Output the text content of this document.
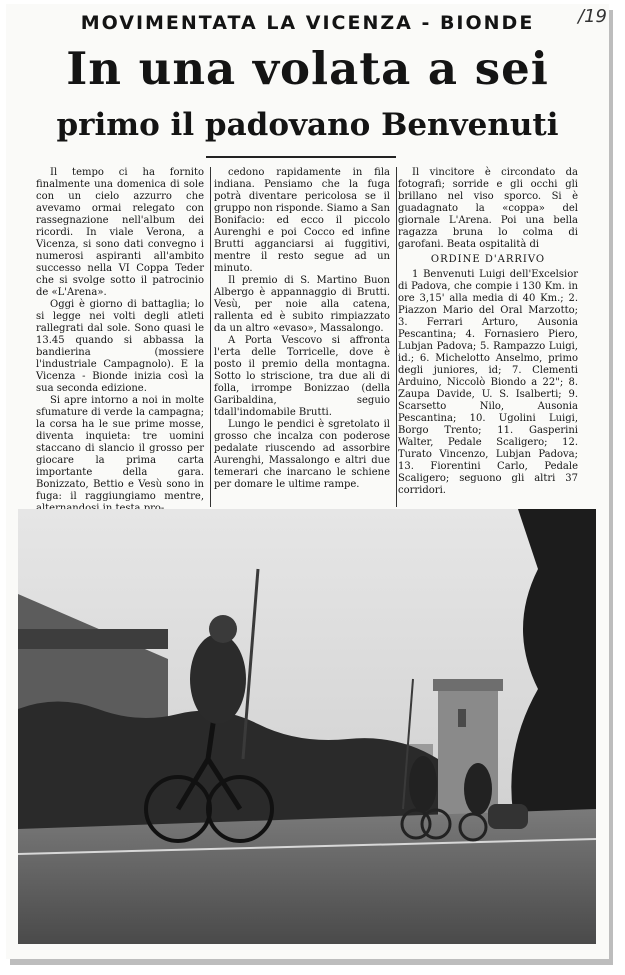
MOVIMENTATA LA VICENZA - BIONDE	/19
In una volata a sei
primo il padovano Benvenuti

Il tempo ci ha fornito finalmente una domenica di sole con un cielo azzurro che avevamo ormai relegato con rassegnazione nell'album dei ricordi. In viale Verona, a Vicenza, si sono dati convegno i numerosi aspiranti all'ambito successo nella VI Coppa Teder che si svolge sotto il patrocinio de «L'Arena».

Oggi è giorno di battaglia; lo si legge nei volti degli atleti rallegrati dal sole. Sono quasi le 13.45 quando si abbassa la bandierina (mossiere l'industriale Campagnolo). E la Vicenza - Bionde inizia così la sua seconda edizione.

Si apre intorno a noi in molte sfumature di verde la campagna; la corsa ha le sue prime mosse, diventa inquieta: tre uomini staccano di slancio il grosso per giocare la prima carta importante della gara. Bonizzato, Bettio e Vesù sono in fuga: il raggiungiamo mentre,

cedono rapidamente in fila indiana. Pensiamo che la fuga potrà diventare pericolosa se il gruppo non risponde. Siamo a San Bonifacio: ed ecco il piccolo Aurenghi e poi Cocco ed infine Brutti agganciarsi ai fuggitivi, mentre il resto segue ad un minuto.

Il premio di S. Martino Buon Albergo è appannaggio di Brutti. Vesù, per noie alla catena, rallenta ed è subito rimpiazzato da un altro «evaso», Massalongo.

A Porta Vescovo si affronta l'erta delle Torricelle, dove è posto il premio della montagna. Sotto lo striscione, tra due ali di folla, irrompe Bonizzao (della Garibaldina, seguio tdall'indomabile Brutti.

Lungo le pendici è sgretolato il grosso che incalza con poderose pedalate riuscendo ad assorbire Aurenghi, Massalongo e altri due temerari che inarcano le schiene per domare le ultime rampe.

Il vincitore è circondato da fotografi; sorride e gli occhi gli brillano nel viso sporco. Si è guadagnato la «coppa» del giornale L'Arena. Poi una bella ragazza bruna lo colma di garofani. Beata ospitalità di

ORDINE D'ARRIVO

1 Benvenuti Luigi dell'Excelsior di Padova, che compie i 130 Km. in ore 3,15' alla media di 40 Km.; 2. Piazzon Mario del Oral Marzotto; 3. Ferrari Arturo, Ausonia Pescantina; 4. Fornasiero Piero, Lubjan Padova; 5. Rampazzo Luigi, id.; 6. Michelotto Anselmo, primo degli juniores, id; 7. Clementi Arduino, Niccolò Biondo a 22"; 8. Zaupa Davide, U. S. Isalberti; 9. Scarsetto Nilo, Ausonia Pescantina; 10. Ugolini Luigi, Borgo Trento; 11. Gasperini Walter, Pedale Scaligero; 12. Turato Vincenzo, Lubjan Padova; 13. Fiorentini Carlo, Pedale Scaligero; seguono gli altri 37 corridori.
